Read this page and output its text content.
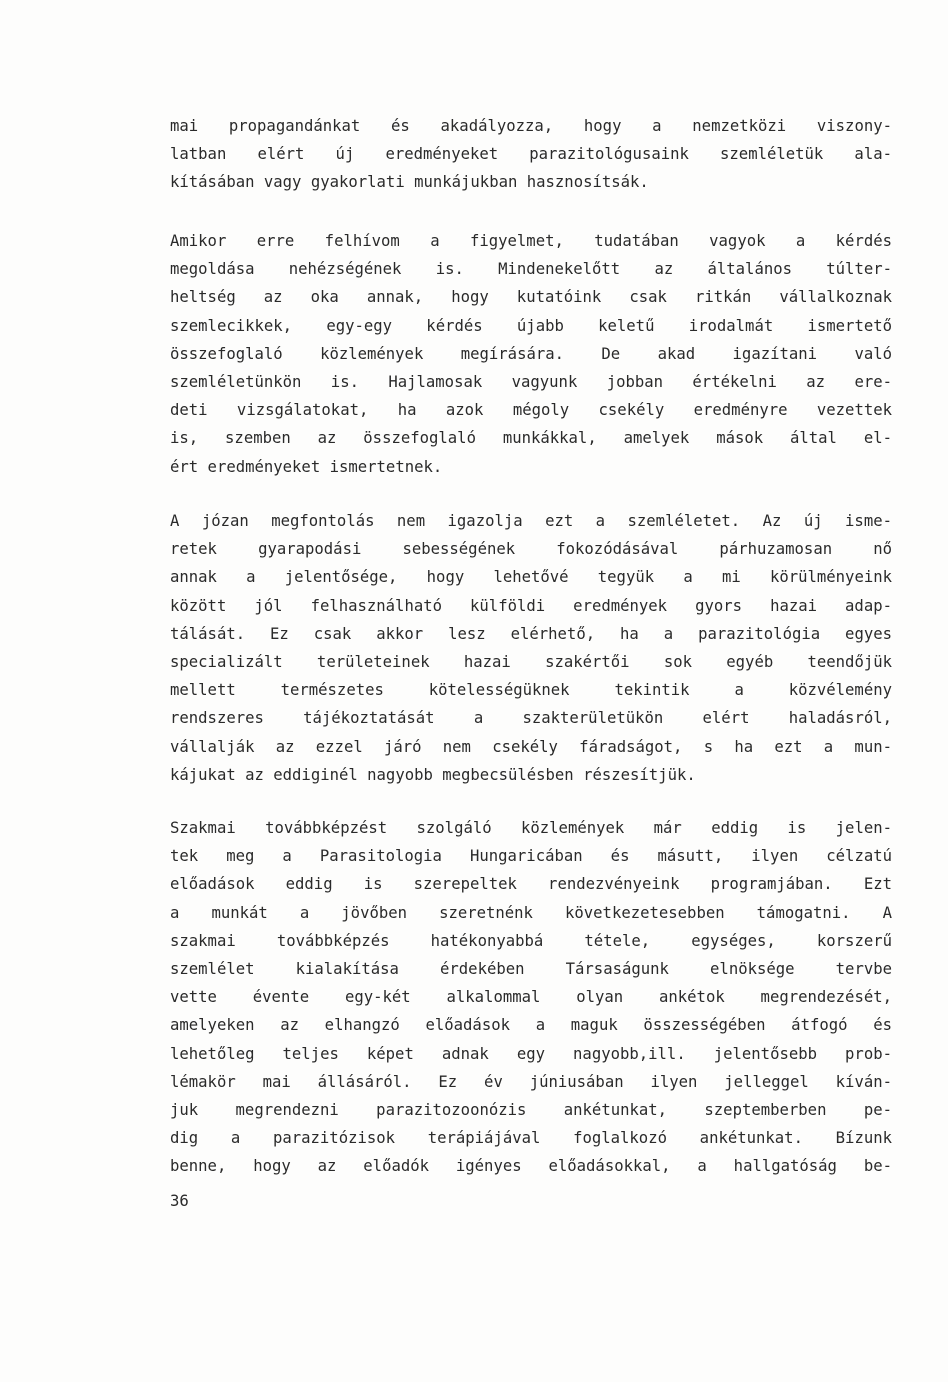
mai propagandánkat és akadályozza, hogy a nemzetközi viszony-
latban elért új eredményeket parazitológusaink szemléletük ala-
kításában vagy gyakorlati munkájukban hasznosítsák.
Amikor erre felhívom a figyelmet, tudatában vagyok a kérdés
megoldása nehézségének is. Mindenekelőtt az általános túlter-
heltség az oka annak, hogy kutatóink csak ritkán vállalkoznak
szemlecikkek, egy-egy kérdés újabb keletű irodalmát ismertető
összefoglaló közlemények megírására. De akad igazítani való
szemléletünkön is. Hajlamosak vagyunk jobban értékelni az ere-
deti vizsgálatokat, ha azok mégoly csekély eredményre vezettek
is, szemben az összefoglaló munkákkal, amelyek mások által el-
ért eredményeket ismertetnek.
A józan megfontolás nem igazolja ezt a szemléletet. Az új isme-
retek gyarapodási sebességének fokozódásával párhuzamosan nő
annak a jelentősége, hogy lehetővé tegyük a mi körülményeink
között jól felhasználható külföldi eredmények gyors hazai adap-
tálását. Ez csak akkor lesz elérhető, ha a parazitológia egyes
specializált területeinek hazai szakértői sok egyéb teendőjük
mellett természetes kötelességüknek tekintik a közvélemény
rendszeres tájékoztatását a szakterületükön elért haladásról,
vállalják az ezzel járó nem csekély fáradságot, s ha ezt a mun-
kájukat az eddiginél nagyobb megbecsülésben részesítjük.
Szakmai továbbképzést szolgáló közlemények már eddig is jelen-
tek meg a Parasitologia Hungaricában és másutt, ilyen célzatú
előadások eddig is szerepeltek rendezvényeink programjában. Ezt
a munkát a jövőben szeretnénk következetesebben támogatni. A
szakmai továbbképzés hatékonyabbá tétele, egységes, korszerű
szemlélet kialakítása érdekében Társaságunk elnöksége tervbe
vette évente egy-két alkalommal olyan ankétok megrendezését,
amelyeken az elhangzó előadások a maguk összességében átfogó és
lehetőleg teljes képet adnak egy nagyobb,ill. jelentősebb prob-
lémakör mai állásáról. Ez év júniusában ilyen jelleggel kíván-
juk megrendezni parazitozoonózis ankétunkat, szeptemberben pe-
dig a parazitózisok terápiájával foglalkozó ankétunkat. Bízunk
benne, hogy az előadók igényes előadásokkal, a hallgatóság be-
36
